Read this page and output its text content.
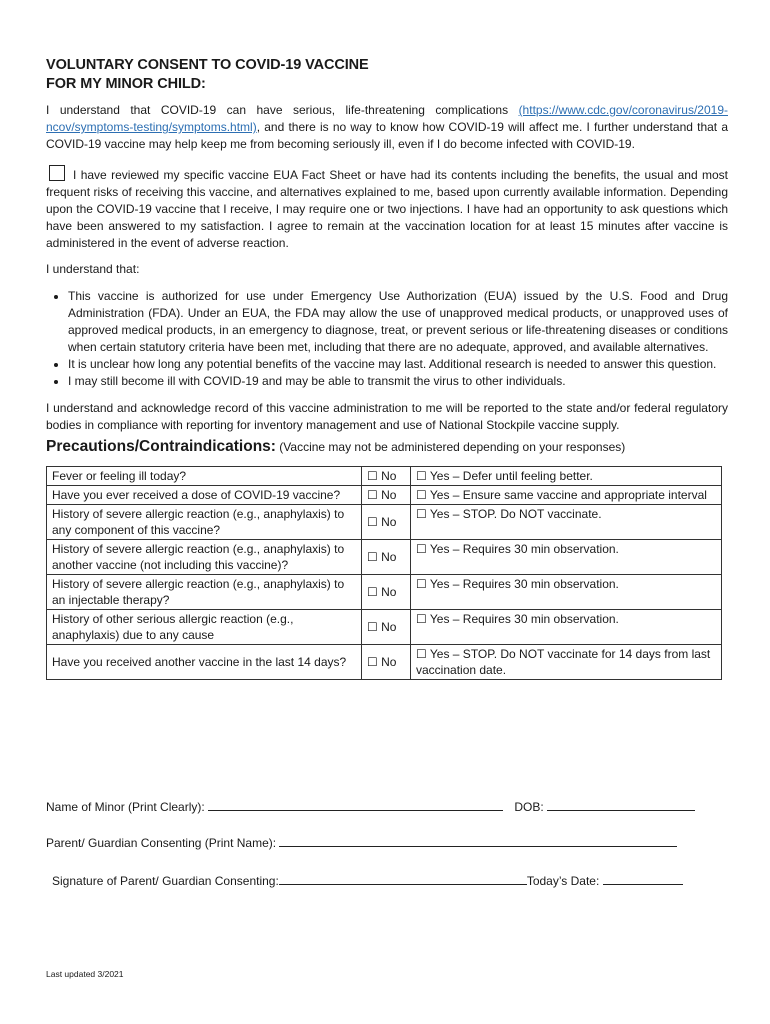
VOLUNTARY CONSENT TO COVID-19 VACCINE
FOR MY MINOR CHILD:

I understand that COVID-19 can have serious, life-threatening complications (https://www.cdc.gov/coronavirus/2019-ncov/symptoms-testing/symptoms.html), and there is no way to know how COVID-19 will affect me. I further understand that a COVID-19 vaccine may help keep me from becoming seriously ill, even if I do become infected with COVID-19.

I have reviewed my specific vaccine EUA Fact Sheet or have had its contents including the benefits, the usual and most frequent risks of receiving this vaccine, and alternatives explained to me, based upon currently available information. Depending upon the COVID-19 vaccine that I receive, I may require one or two injections. I have had an opportunity to ask questions which have been answered to my satisfaction. I agree to remain at the vaccination location for at least 15 minutes after vaccine is administered in the event of adverse reaction.

I understand that:

• This vaccine is authorized for use under Emergency Use Authorization (EUA) issued by the U.S. Food and Drug Administration (FDA). Under an EUA, the FDA may allow the use of unapproved medical products, or unapproved uses of approved medical products, in an emergency to diagnose, treat, or prevent serious or life-threatening diseases or conditions when certain statutory criteria have been met, including that there are no adequate, approved, and available alternatives.
• It is unclear how long any potential benefits of the vaccine may last. Additional research is needed to answer this question.
• I may still become ill with COVID-19 and may be able to transmit the virus to other individuals.

I understand and acknowledge record of this vaccine administration to me will be reported to the state and/or federal regulatory bodies in compliance with reporting for inventory management and use of National Stockpile vaccine supply.

Precautions/Contraindications: (Vaccine may not be administered depending on your responses)
Fever or feeling ill today?	☐ No	☐ Yes – Defer until feeling better.
Have you ever received a dose of COVID-19 vaccine?	☐ No	☐ Yes – Ensure same vaccine and appropriate interval
History of severe allergic reaction (e.g., anaphylaxis) to any component of this vaccine?	☐ No	☐ Yes – STOP. Do NOT vaccinate.
History of severe allergic reaction (e.g., anaphylaxis) to another vaccine (not including this vaccine)?	☐ No	☐ Yes – Requires 30 min observation.
History of severe allergic reaction (e.g., anaphylaxis) to an injectable therapy?	☐ No	☐ Yes – Requires 30 min observation.
History of other serious allergic reaction (e.g., anaphylaxis) due to any cause	☐ No	☐ Yes – Requires 30 min observation.
Have you received another vaccine in the last 14 days?	☐ No	☐ Yes – STOP. Do NOT vaccinate for 14 days from last vaccination date.
Name of Minor (Print Clearly):	DOB:
Parent/ Guardian Consenting (Print Name):
Signature of Parent/ Guardian Consenting:	Today’s Date:
Last updated 3/2021
